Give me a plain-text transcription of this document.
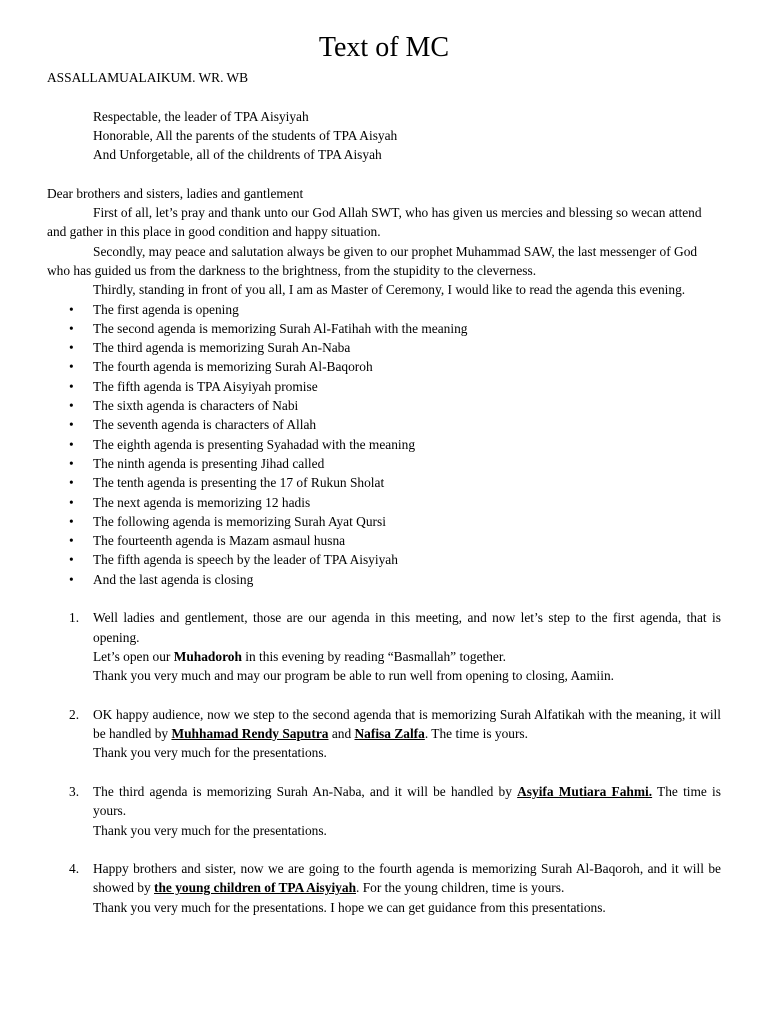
Text of MC

ASSALLAMUALAIKUM. WR. WB

Respectable, the leader of TPA Aisyiyah

Honorable, All the parents of the students of TPA Aisyah

And Unforgetable, all of the childrents of TPA Aisyah

Dear brothers and sisters, ladies and gantlement

First of all, let’s pray and thank unto our God Allah SWT, who has given us mercies and blessing so wecan attend and gather in this place in good condition and happy situation.

Secondly, may peace and salutation always be given to our prophet Muhammad SAW, the last messenger of God who has guided us from the darkness to the brightness, from the stupidity to the cleverness.

Thirdly, standing in front of you all, I am as Master of Ceremony, I would like to read the agenda this evening.

• The first agenda is opening
• The second agenda is memorizing Surah Al-Fatihah with the meaning
• The third agenda is memorizing Surah An-Naba
• The fourth agenda is memorizing Surah Al-Baqoroh
• The fifth agenda is TPA Aisyiyah promise
• The sixth agenda is characters of Nabi
• The seventh agenda is characters of Allah
• The eighth agenda is presenting Syahadad with the meaning
• The ninth agenda is presenting Jihad called
• The tenth agenda is presenting the 17 of Rukun Sholat
• The next agenda is memorizing 12 hadis
• The following agenda is memorizing Surah Ayat Qursi
• The fourteenth agenda is Mazam asmaul husna
• The fifth agenda is speech by the leader of TPA Aisyiyah
• And the last agenda is closing
1. Well ladies and gentlement, those are our agenda in this meeting, and now let’s step to the first agenda, that is opening.
Let’s open our Muhadoroh in this evening by reading “Basmallah” together.
Thank you very much and may our program be able to run well from opening to closing, Aamiin.
2. OK happy audience, now we step to the second agenda that is memorizing Surah Alfatikah with the meaning, it will be handled by Muhhamad Rendy Saputra and Nafisa Zalfa. The time is yours.
Thank you very much for the presentations.
3. The third agenda is memorizing Surah An-Naba, and it will be handled by Asyifa Mutiara Fahmi. The time is yours.
Thank you very much for the presentations.
4. Happy brothers and sister, now we are going to the fourth agenda is memorizing Surah Al-Baqoroh, and it will be showed by the young children of TPA Aisyiyah. For the young children, time is yours.
Thank you very much for the presentations. I hope we can get guidance from this presentations.
